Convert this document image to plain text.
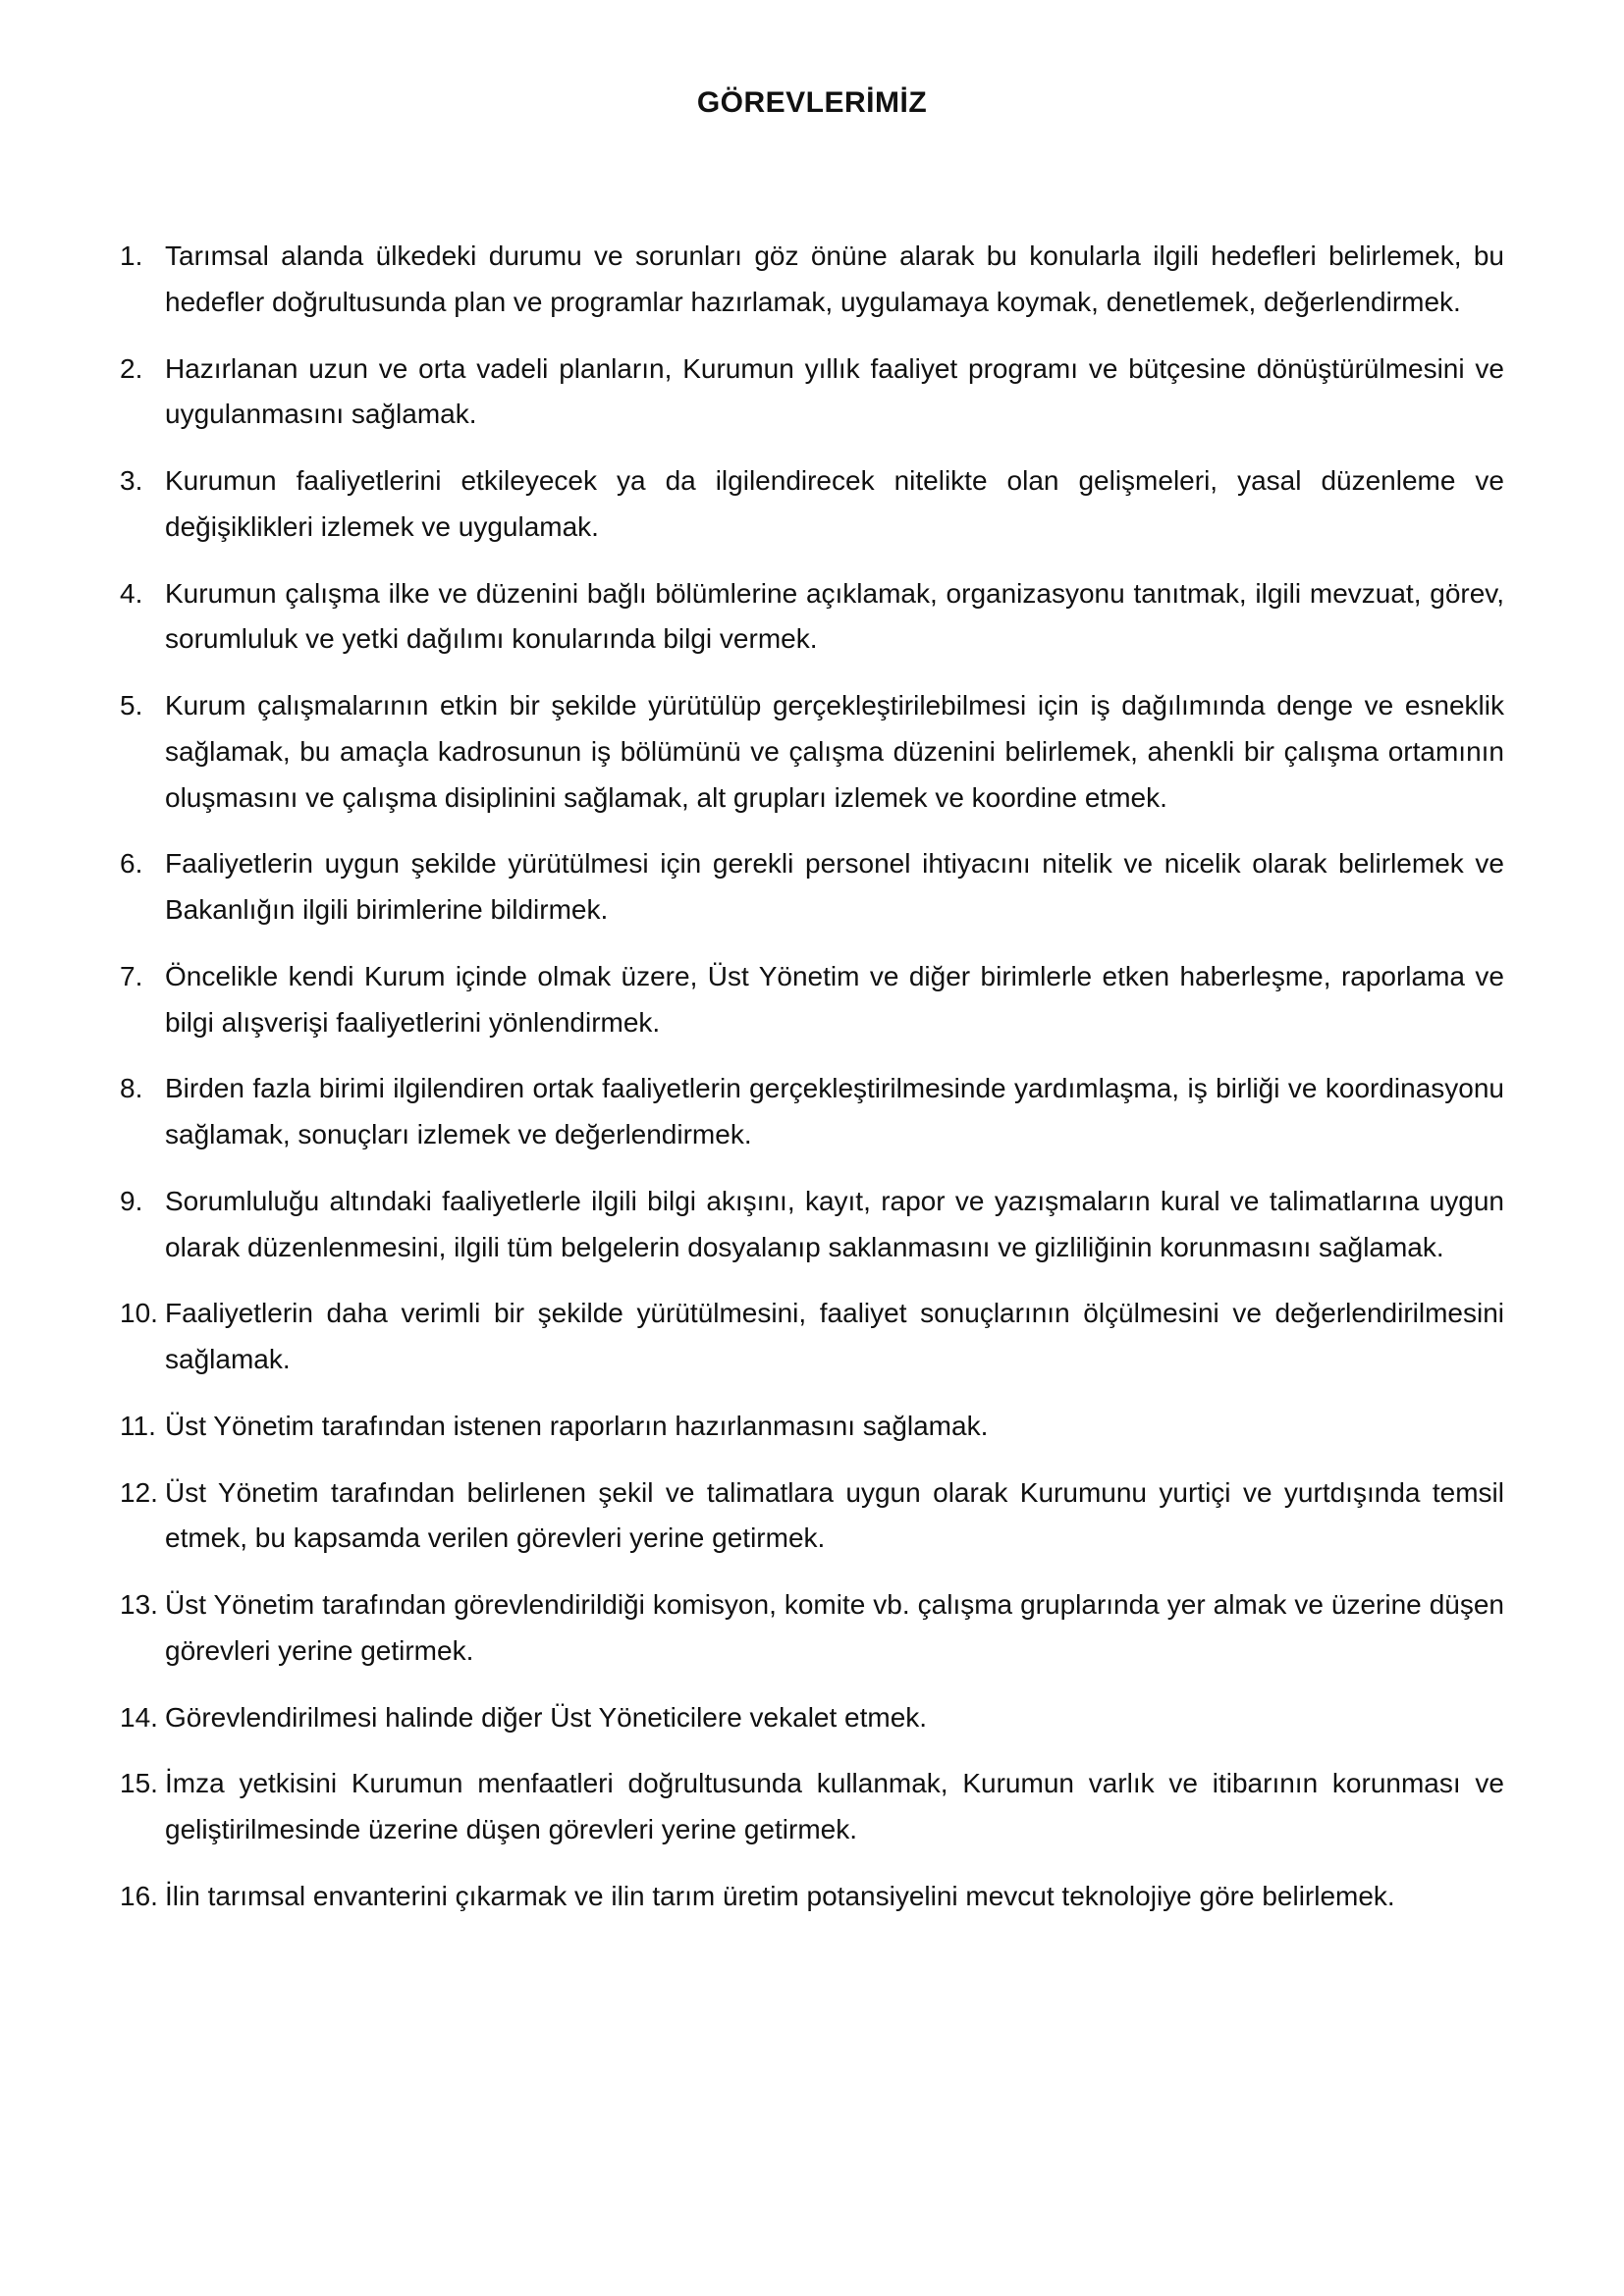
GÖREVLERİMİZ
1. Tarımsal alanda ülkedeki durumu ve sorunları göz önüne alarak bu konularla ilgili hedefleri belirlemek, bu hedefler doğrultusunda plan ve programlar hazırlamak, uygulamaya koymak, denetlemek, değerlendirmek.
2. Hazırlanan uzun ve orta vadeli planların, Kurumun yıllık faaliyet programı ve bütçesine dönüştürülmesini ve uygulanmasını sağlamak.
3. Kurumun faaliyetlerini etkileyecek ya da ilgilendirecek nitelikte olan gelişmeleri, yasal düzenleme ve değişiklikleri izlemek ve uygulamak.
4. Kurumun çalışma ilke ve düzenini bağlı bölümlerine açıklamak, organizasyonu tanıtmak, ilgili mevzuat, görev, sorumluluk ve yetki dağılımı konularında bilgi vermek.
5. Kurum çalışmalarının etkin bir şekilde yürütülüp gerçekleştirilebilmesi için iş dağılımında denge ve esneklik sağlamak, bu amaçla kadrosunun iş bölümünü ve çalışma düzenini belirlemek, ahenkli bir çalışma ortamının oluşmasını ve çalışma disiplinini sağlamak, alt grupları izlemek ve koordine etmek.
6. Faaliyetlerin uygun şekilde yürütülmesi için gerekli personel ihtiyacını nitelik ve nicelik olarak belirlemek ve Bakanlığın ilgili birimlerine bildirmek.
7. Öncelikle kendi Kurum içinde olmak üzere, Üst Yönetim ve diğer birimlerle etken haberleşme, raporlama ve bilgi alışverişi faaliyetlerini yönlendirmek.
8. Birden fazla birimi ilgilendiren ortak faaliyetlerin gerçekleştirilmesinde yardımlaşma, iş birliği ve koordinasyonu sağlamak, sonuçları izlemek ve değerlendirmek.
9. Sorumluluğu altındaki faaliyetlerle ilgili bilgi akışını, kayıt, rapor ve yazışmaların kural ve talimatlarına uygun olarak düzenlenmesini, ilgili tüm belgelerin dosyalanıp saklanmasını ve gizliliğinin korunmasını sağlamak.
10. Faaliyetlerin daha verimli bir şekilde yürütülmesini, faaliyet sonuçlarının ölçülmesini ve değerlendirilmesini sağlamak.
11. Üst Yönetim tarafından istenen raporların hazırlanmasını sağlamak.
12. Üst Yönetim tarafından belirlenen şekil ve talimatlara uygun olarak Kurumunu yurtiçi ve yurtdışında temsil etmek, bu kapsamda verilen görevleri yerine getirmek.
13. Üst Yönetim tarafından görevlendirildiği komisyon, komite vb. çalışma gruplarında yer almak ve üzerine düşen görevleri yerine getirmek.
14. Görevlendirilmesi halinde diğer Üst Yöneticilere vekalet etmek.
15. İmza yetkisini Kurumun menfaatleri doğrultusunda kullanmak, Kurumun varlık ve itibarının korunması ve geliştirilmesinde üzerine düşen görevleri yerine getirmek.
16. İlin tarımsal envanterini çıkarmak ve ilin tarım üretim potansiyelini mevcut teknolojiye göre belirlemek.
